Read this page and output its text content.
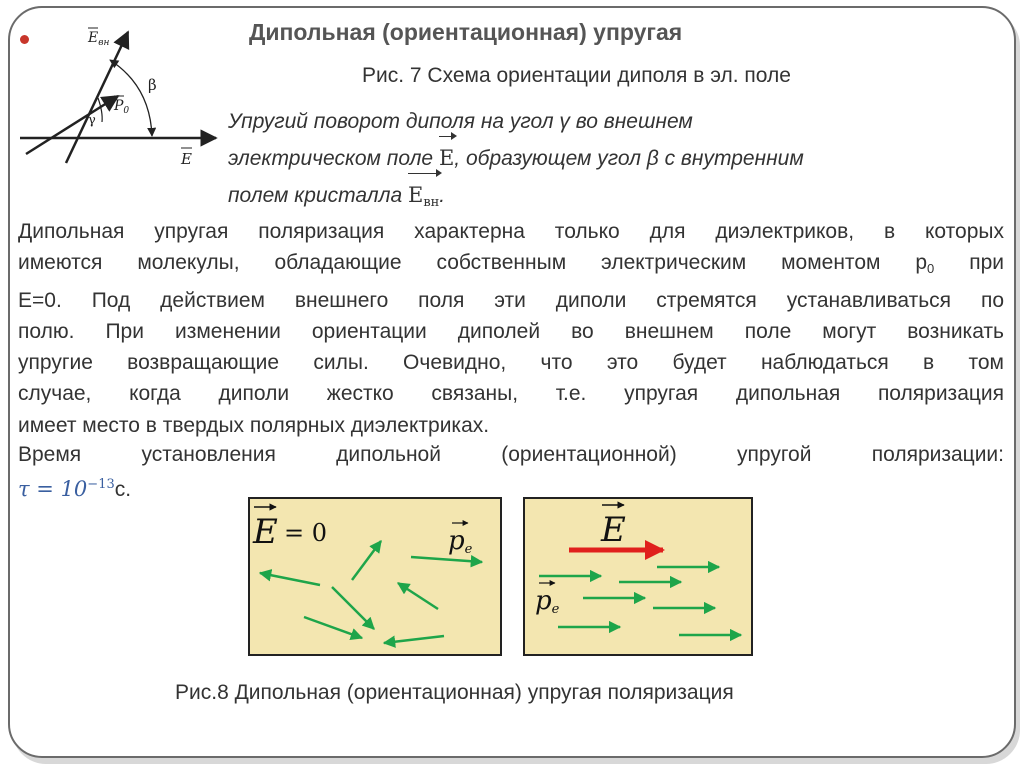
Дипольная (ориентационная) упругая
$E_{вн}$
$P_0$
γ
β
E
Рис. 7 Схема ориентации диполя в эл. поле
Упругий поворот диполя на угол γ во внешнем
электрическом поле E, образующем угол β с внутренним
полем кристалла $E_{вн}$.
Дипольная упругая поляризация характерна только для диэлектриков, в которых
имеются молекулы, обладающие собственным электрическим моментом $p_0$ при
E=0. Под действием внешнего поля эти диполи стремятся устанавливаться по
полю. При изменении ориентации диполей во внешнем поле могут возникать
упругие возвращающие силы. Очевидно, что это будет наблюдаться в том
случае, когда диполи жестко связаны, т.е. упругая дипольная поляризация
имеет место в твердых полярных диэлектриках.
Время установления дипольной (ориентационной) упругой поляризации:
$\tau = 10^{-13}с$.
E = 0	pe	E
pe
Рис.8 Дипольная (ориентационная) упругая поляризация
